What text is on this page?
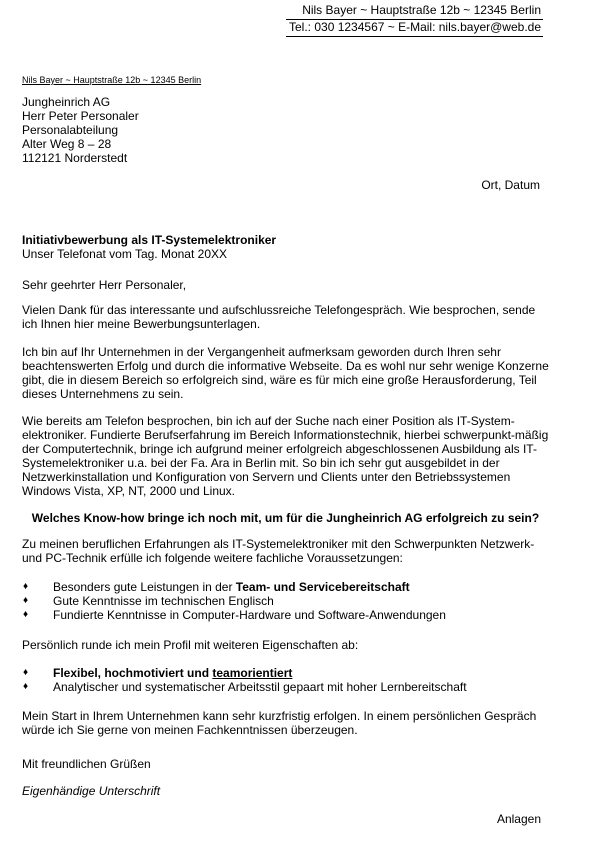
Nils Bayer ~ Hauptstraße 12b ~ 12345 Berlin
Tel.: 030 1234567 ~ E-Mail: nils.bayer@web.de
Nils Bayer ~ Hauptstraße 12b ~ 12345 Berlin
Jungheinrich AG
Herr Peter Personaler
Personalabteilung
Alter Weg 8 – 28
112121 Norderstedt
Ort, Datum
Initiativbewerbung als IT-Systemelektroniker
Unser Telefonat vom Tag. Monat 20XX

Sehr geehrter Herr Personaler,

Vielen Dank für das interessante und aufschlussreiche Telefongespräch. Wie besprochen, sende ich Ihnen hier meine Bewerbungsunterlagen.

Ich bin auf Ihr Unternehmen in der Vergangenheit aufmerksam geworden durch Ihren sehr beachtenswerten Erfolg und durch die informative Webseite. Da es wohl nur sehr wenige Konzerne gibt, die in diesem Bereich so erfolgreich sind, wäre es für mich eine große Herausforderung, Teil dieses Unternehmens zu sein.

Wie bereits am Telefon besprochen, bin ich auf der Suche nach einer Position als IT-System-elektroniker. Fundierte Berufserfahrung im Bereich Informationstechnik, hierbei schwerpunkt-mäßig der Computertechnik, bringe ich aufgrund meiner erfolgreich abgeschlossenen Ausbildung als IT-Systemelektroniker u.a. bei der Fa. Ara in Berlin mit. So bin ich sehr gut ausgebildet in der Netzwerkinstallation und Konfiguration von Servern und Clients unter den Betriebssystemen Windows Vista, XP, NT, 2000 und Linux.

Welches Know-how bringe ich noch mit, um für die Jungheinrich AG erfolgreich zu sein?

Zu meinen beruflichen Erfahrungen als IT-Systemelektroniker mit den Schwerpunkten Netzwerk- und PC-Technik erfülle ich folgende weitere fachliche Voraussetzungen:

♦ Besonders gute Leistungen in der Team- und Servicebereitschaft
♦ Gute Kenntnisse im technischen Englisch
♦ Fundierte Kenntnisse in Computer-Hardware und Software-Anwendungen

Persönlich runde ich mein Profil mit weiteren Eigenschaften ab:

♦ Flexibel, hochmotiviert und teamorientiert
♦ Analytischer und systematischer Arbeitsstil gepaart mit hoher Lernbereitschaft

Mein Start in Ihrem Unternehmen kann sehr kurzfristig erfolgen. In einem persönlichen Gespräch würde ich Sie gerne von meinen Fachkenntnissen überzeugen.

Mit freundlichen Grüßen

Eigenhändige Unterschrift

Anlagen
